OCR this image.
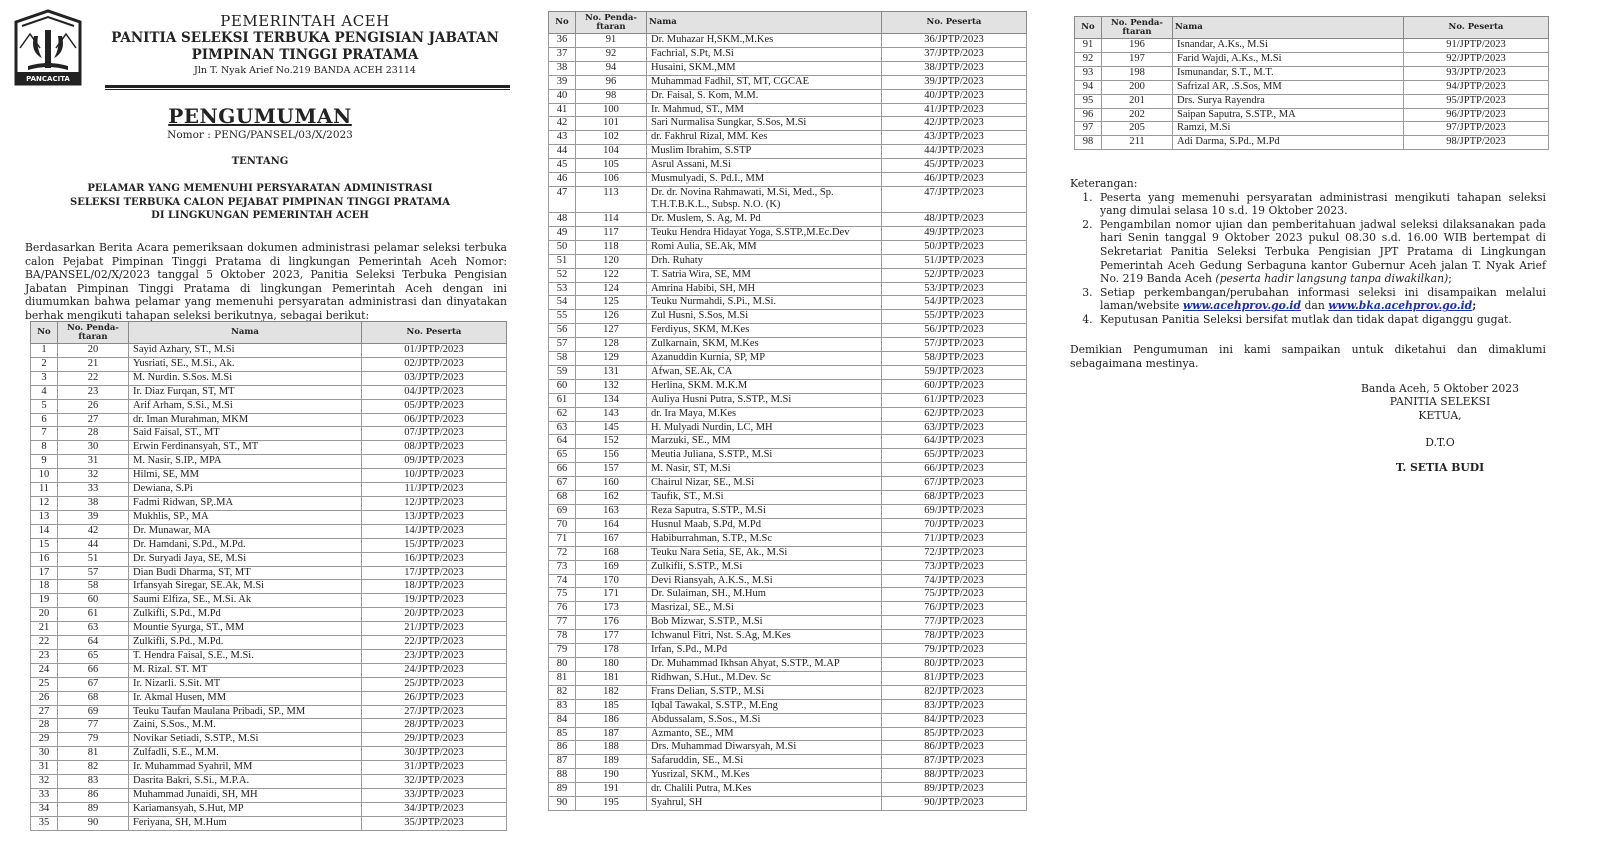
PANCACITA
PEMERINTAH ACEH
PANITIA SELEKSI TERBUKA PENGISIAN JABATAN
PIMPINAN TINGGI PRATAMA
Jln T. Nyak Arief No.219 BANDA ACEH 23114
PENGUMUMAN
Nomor : PENG/PANSEL/03/X/2023
TENTANG
PELAMAR YANG MEMENUHI PERSYARATAN ADMINISTRASI
SELEKSI TERBUKA CALON PEJABAT PIMPINAN TINGGI PRATAMA
DI LINGKUNGAN PEMERINTAH ACEH
Berdasarkan Berita Acara pemeriksaan dokumen administrasi pelamar seleksi terbuka calon Pejabat Pimpinan Tinggi Pratama di lingkungan Pemerintah Aceh Nomor: BA/PANSEL/02/X/2023 tanggal 5 Oktober 2023, Panitia Seleksi Terbuka Pengisian Jabatan Pimpinan Tinggi Pratama di lingkungan Pemerintah Aceh dengan ini diumumkan bahwa pelamar yang memenuhi persyaratan administrasi dan dinyatakan berhak mengikuti tahapan seleksi berikutnya, sebagai berikut:
No	No. Penda-
ftaran	Nama	No. Peserta
1	20	Sayid Azhary, ST., M.Si	01/JPTP/2023
2	21	Yusriati, SE., M.Si., Ak.	02/JPTP/2023
3	22	M. Nurdin. S.Sos. M.Si	03/JPTP/2023
4	23	Ir. Diaz Furqan, ST, MT	04/JPTP/2023
5	26	Arif Arham, S.Si., M.Si	05/JPTP/2023
6	27	dr. Iman Murahman, MKM	06/JPTP/2023
7	28	Said Faisal, ST., MT	07/JPTP/2023
8	30	Erwin Ferdinansyah, ST., MT	08/JPTP/2023
9	31	M. Nasir, S.IP., MPA	09/JPTP/2023
10	32	Hilmi, SE, MM	10/JPTP/2023
11	33	Dewiana, S.Pi	11/JPTP/2023
12	38	Fadmi Ridwan, SP,.MA	12/JPTP/2023
13	39	Mukhlis, SP., MA	13/JPTP/2023
14	42	Dr. Munawar, MA	14/JPTP/2023
15	44	Dr. Hamdani, S.Pd., M.Pd.	15/JPTP/2023
16	51	Dr. Suryadi Jaya, SE, M.Si	16/JPTP/2023
17	57	Dian Budi Dharma, ST, MT	17/JPTP/2023
18	58	Irfansyah Siregar, SE.Ak, M.Si	18/JPTP/2023
19	60	Saumi Elfiza, SE., M.Si. Ak	19/JPTP/2023
20	61	Zulkifli, S.Pd., M.Pd	20/JPTP/2023
21	63	Mountie Syurga, ST., MM	21/JPTP/2023
22	64	Zulkifli, S.Pd., M.Pd.	22/JPTP/2023
23	65	T. Hendra Faisal, S.E., M.Si.	23/JPTP/2023
24	66	M. Rizal. ST. MT	24/JPTP/2023
25	67	Ir. Nizarli. S.Sit. MT	25/JPTP/2023
26	68	Ir. Akmal Husen, MM	26/JPTP/2023
27	69	Teuku Taufan Maulana Pribadi, SP., MM	27/JPTP/2023
28	77	Zaini, S.Sos., M.M.	28/JPTP/2023
29	79	Novikar Setiadi, S.STP., M.Si	29/JPTP/2023
30	81	Zulfadli, S.E., M.M.	30/JPTP/2023
31	82	Ir. Muhammad Syahril, MM	31/JPTP/2023
32	83	Dasrita Bakri, S.Si., M.P.A.	32/JPTP/2023
33	86	Muhammad Junaidi, SH, MH	33/JPTP/2023
34	89	Kariamansyah, S.Hut, MP	34/JPTP/2023
35	90	Feriyana, SH, M.Hum	35/JPTP/2023
No	No. Penda-
ftaran	Nama	No. Peserta
36	91	Dr. Muhazar H,SKM.,M.Kes	36/JPTP/2023
37	92	Fachrial, S.Pt, M.Si	37/JPTP/2023
38	94	Husaini, SKM.,MM	38/JPTP/2023
39	96	Muhammad Fadhil, ST, MT, CGCAE	39/JPTP/2023
40	98	Dr. Faisal, S. Kom, M.M.	40/JPTP/2023
41	100	Ir. Mahmud, ST., MM	41/JPTP/2023
42	101	Sari Nurmalisa Sungkar, S.Sos, M.Si	42/JPTP/2023
43	102	dr. Fakhrul Rizal, MM. Kes	43/JPTP/2023
44	104	Muslim Ibrahim, S.STP	44/JPTP/2023
45	105	Asrul Assani, M.Si	45/JPTP/2023
46	106	Musmulyadi, S. Pd.I., MM	46/JPTP/2023
47	113	Dr. dr. Novina Rahmawati, M.Si, Med., Sp. T.H.T.B.K.L., Subsp. N.O. (K)	47/JPTP/2023
48	114	Dr. Muslem, S. Ag, M. Pd	48/JPTP/2023
49	117	Teuku Hendra Hidayat Yoga, S.STP.,M.Ec.Dev	49/JPTP/2023
50	118	Romi Aulia, SE.Ak, MM	50/JPTP/2023
51	120	Drh. Ruhaty	51/JPTP/2023
52	122	T. Satria Wira, SE, MM	52/JPTP/2023
53	124	Amrina Habibi, SH, MH	53/JPTP/2023
54	125	Teuku Nurmahdi, S.Pi., M.Si.	54/JPTP/2023
55	126	Zul Husni, S.Sos, M.Si	55/JPTP/2023
56	127	Ferdiyus, SKM, M.Kes	56/JPTP/2023
57	128	Zulkarnain, SKM, M.Kes	57/JPTP/2023
58	129	Azanuddin Kurnia, SP, MP	58/JPTP/2023
59	131	Afwan, SE.Ak, CA	59/JPTP/2023
60	132	Herlina, SKM. M.K.M	60/JPTP/2023
61	134	Auliya Husni Putra, S.STP., M.Si	61/JPTP/2023
62	143	dr. Ira Maya, M.Kes	62/JPTP/2023
63	145	H. Mulyadi Nurdin, LC, MH	63/JPTP/2023
64	152	Marzuki, SE., MM	64/JPTP/2023
65	156	Meutia Juliana, S.STP., M.Si	65/JPTP/2023
66	157	M. Nasir, ST, M.Si	66/JPTP/2023
67	160	Chairul Nizar, SE., M.Si	67/JPTP/2023
68	162	Taufik, ST., M.Si	68/JPTP/2023
69	163	Reza Saputra, S.STP., M.Si	69/JPTP/2023
70	164	Husnul Maab, S.Pd, M.Pd	70/JPTP/2023
71	167	Habiburrahman, S.TP., M.Sc	71/JPTP/2023
72	168	Teuku Nara Setia, SE, Ak., M.Si	72/JPTP/2023
73	169	Zulkifli, S.STP., M.Si	73/JPTP/2023
74	170	Devi Riansyah, A.K.S., M.Si	74/JPTP/2023
75	171	Dr. Sulaiman, SH., M.Hum	75/JPTP/2023
76	173	Masrizal, SE., M.Si	76/JPTP/2023
77	176	Bob Mizwar, S.STP., M.Si	77/JPTP/2023
78	177	Ichwanul Fitri, Nst. S.Ag, M.Kes	78/JPTP/2023
79	178	Irfan, S.Pd., M.Pd	79/JPTP/2023
80	180	Dr. Muhammad Ikhsan Ahyat, S.STP., M.AP	80/JPTP/2023
81	181	Ridhwan, S.Hut., M.Dev. Sc	81/JPTP/2023
82	182	Frans Delian, S.STP., M.Si	82/JPTP/2023
83	185	Iqbal Tawakal, S.STP., M.Eng	83/JPTP/2023
84	186	Abdussalam, S.Sos., M.Si	84/JPTP/2023
85	187	Azmanto, SE., MM	85/JPTP/2023
86	188	Drs. Muhammad Diwarsyah, M.Si	86/JPTP/2023
87	189	Safaruddin, SE., M.Si	87/JPTP/2023
88	190	Yusrizal, SKM., M.Kes	88/JPTP/2023
89	191	dr. Chalili Putra, M.Kes	89/JPTP/2023
90	195	Syahrul, SH	90/JPTP/2023
No	No. Penda-
ftaran	Nama	No. Peserta
91	196	Isnandar, A.Ks., M.Si	91/JPTP/2023
92	197	Farid Wajdi, A.Ks., M.Si	92/JPTP/2023
93	198	Ismunandar, S.T., M.T.	93/JPTP/2023
94	200	Safrizal AR, .S.Sos, MM	94/JPTP/2023
95	201	Drs. Surya Rayendra	95/JPTP/2023
96	202	Saipan Saputra, S.STP., MA	96/JPTP/2023
97	205	Ramzi, M.Si	97/JPTP/2023
98	211	Adi Darma, S.Pd., M.Pd	98/JPTP/2023
Keterangan:
1. Peserta yang memenuhi persyaratan administrasi mengikuti tahapan seleksi yang dimulai selasa 10 s.d. 19 Oktober 2023.
2. Pengambilan nomor ujian dan pemberitahuan jadwal seleksi dilaksanakan pada hari Senin tanggal 9 Oktober 2023 pukul 08.30 s.d. 16.00 WIB bertempat di Sekretariat Panitia Seleksi Terbuka Pengisian JPT Pratama di Lingkungan Pemerintah Aceh Gedung Serbaguna kantor Gubernur Aceh jalan T. Nyak Arief No. 219 Banda Aceh (peserta hadir langsung tanpa diwakilkan);
3. Setiap perkembangan/perubahan informasi seleksi ini disampaikan melalui laman/website www.acehprov.go.id dan www.bka.acehprov.go.id;
4. Keputusan Panitia Seleksi bersifat mutlak dan tidak dapat diganggu gugat.
Demikian Pengumuman ini kami sampaikan untuk diketahui dan dimaklumi sebagaimana mestinya.
Banda Aceh, 5 Oktober 2023
PANITIA SELEKSI
KETUA,
D.T.O
T. SETIA BUDI
